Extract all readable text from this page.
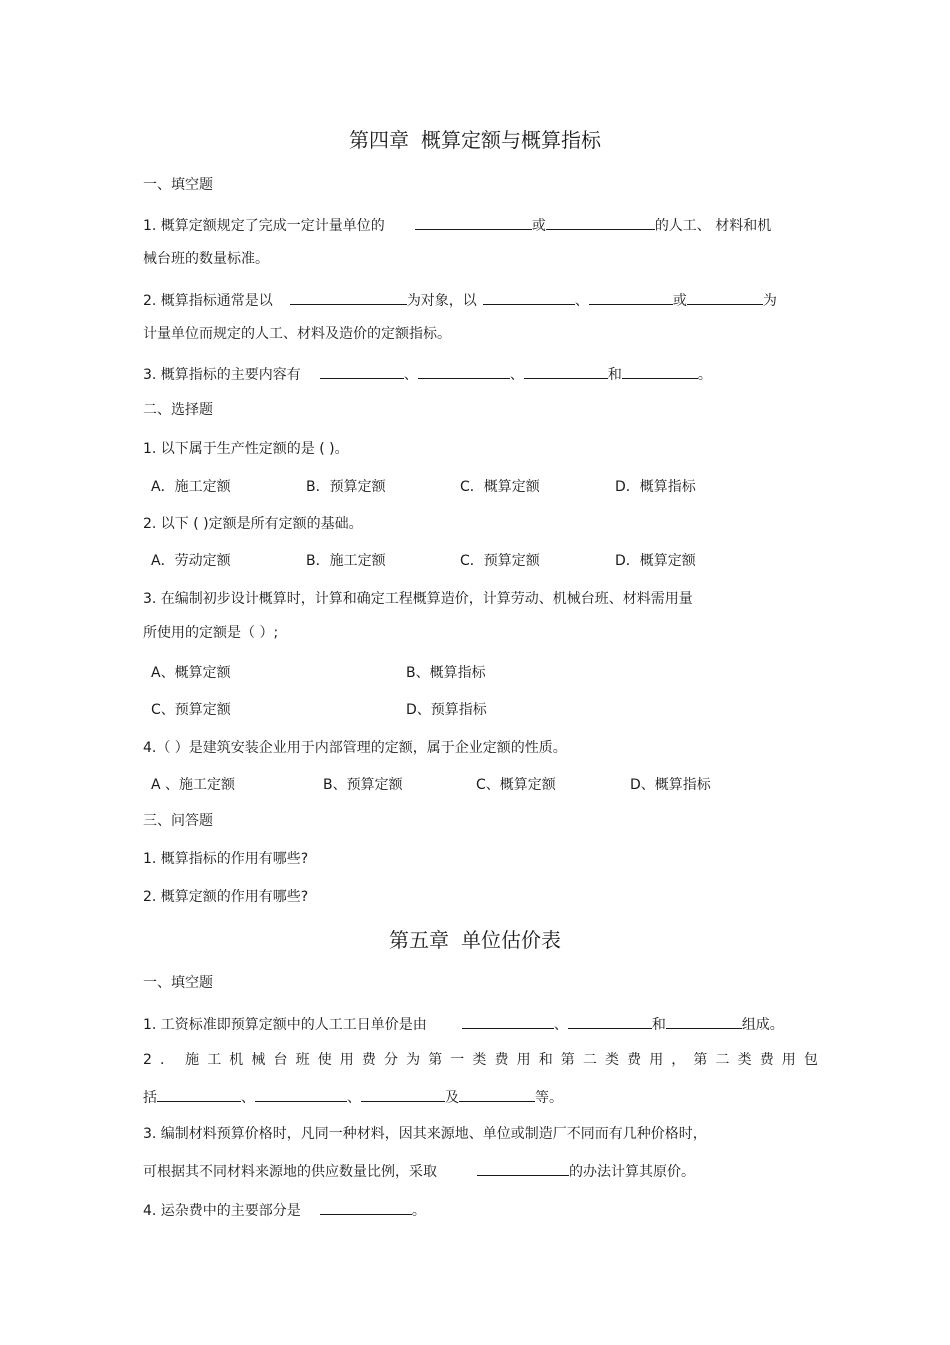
第四章 概算定额与概算指标
一、填空题
1. 概算定额规定了完成一定计量单位的	或	的人工、 材料和机
械台班的数量标准。
2. 概算指标通常是以	为对象，以	、	或	为
计量单位而规定的人工、材料及造价的定额指标。
3. 概算指标的主要内容有	、	、	和	。
二、选择题
1. 以下属于生产性定额的是 ( )。
A．施工定额	B．预算定额	C．概算定额	D．概算指标
2. 以下 ( )定额是所有定额的基础。
A．劳动定额	B．施工定额	C．预算定额	D．概算定额
3. 在编制初步设计概算时，计算和确定工程概算造价，计算劳动、机械台班、材料需用量
所使用的定额是（ ）;
A、概算定额	B、概算指标
C、预算定额	D、预算指标
4.（ ）是建筑安装企业用于内部管理的定额，属于企业定额的性质。
A 、施工定额	B、预算定额	C、概算定额	D、概算指标
三、问答题
1. 概算指标的作用有哪些?
2. 概算定额的作用有哪些?
第五章 单位估价表
一、填空题
1. 工资标准即预算定额中的人工工日单价是由	、	和	组成。
2. 施工机械台班使用费分为第一类费用和第二类费用，第二类费用包
括	、	、	及	等。
3. 编制材料预算价格时，凡同一种材料，因其来源地、单位或制造厂不同而有几种价格时，
可根据其不同材料来源地的供应数量比例，采取	的办法计算其原价。
4. 运杂费中的主要部分是	。
